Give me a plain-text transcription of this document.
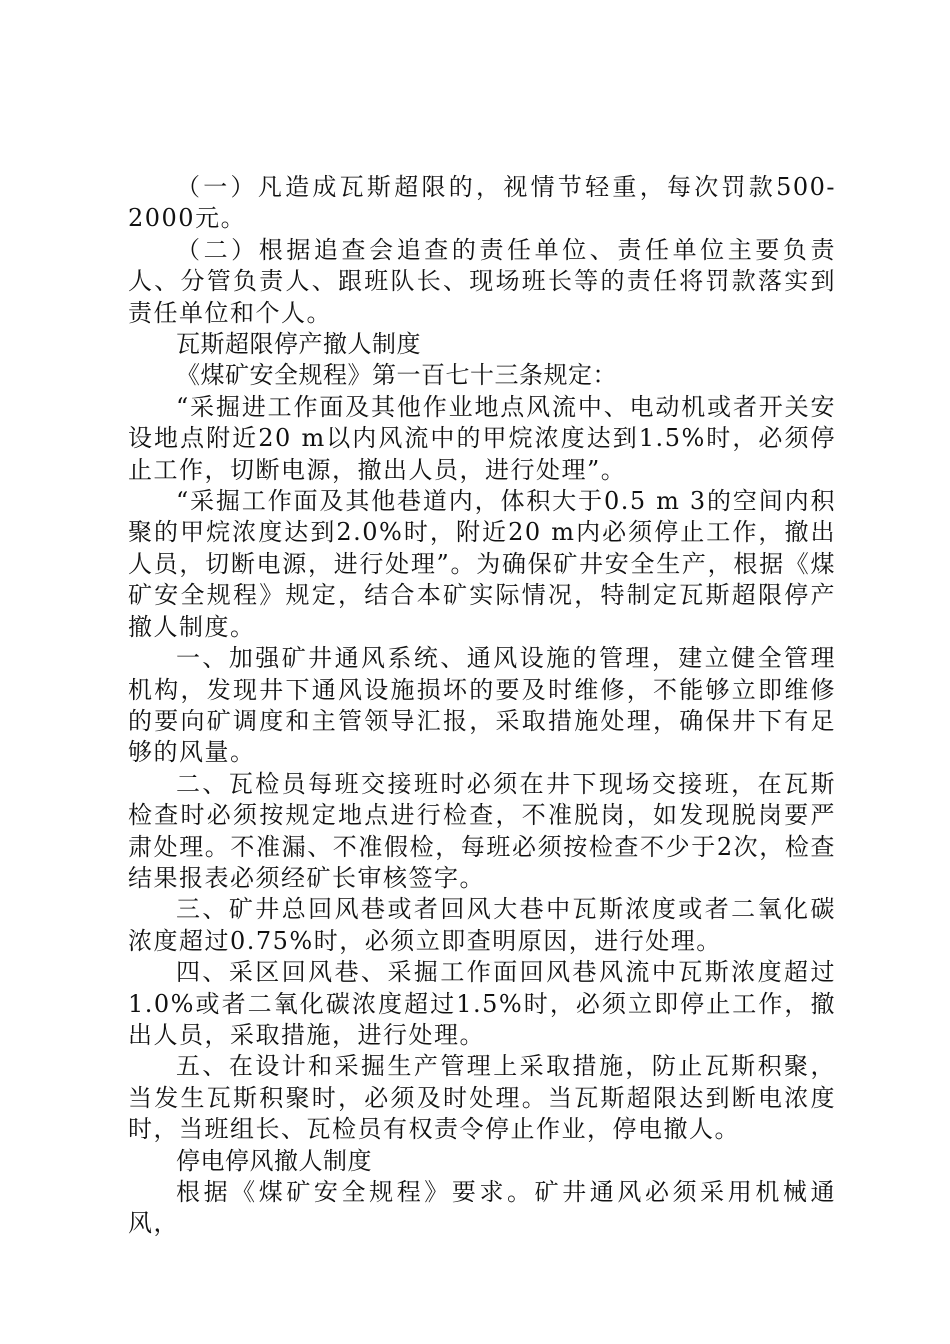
（一）凡造成瓦斯超限的，视情节轻重，每次罚款500-2000元。

（二）根据追查会追查的责任单位、责任单位主要负责人、分管负责人、跟班队长、现场班长等的责任将罚款落实到责任单位和个人。

瓦斯超限停产撤人制度

《煤矿安全规程》第一百七十三条规定：

“采掘进工作面及其他作业地点风流中、电动机或者开关安设地点附近20 m以内风流中的甲烷浓度达到1.5%时，必须停止工作，切断电源，撤出人员，进行处理”。

“采掘工作面及其他巷道内，体积大于0.5 m 3的空间内积聚的甲烷浓度达到2.0%时，附近20 m内必须停止工作，撤出人员，切断电源，进行处理”。为确保矿井安全生产，根据《煤矿安全规程》规定，结合本矿实际情况，特制定瓦斯超限停产撤人制度。

一、加强矿井通风系统、通风设施的管理，建立健全管理机构，发现井下通风设施损坏的要及时维修，不能够立即维修的要向矿调度和主管领导汇报，采取措施处理，确保井下有足够的风量。

二、瓦检员每班交接班时必须在井下现场交接班，在瓦斯检查时必须按规定地点进行检查，不准脱岗，如发现脱岗要严肃处理。不准漏、不准假检，每班必须按检查不少于2次，检查结果报表必须经矿长审核签字。

三、矿井总回风巷或者回风大巷中瓦斯浓度或者二氧化碳浓度超过0.75%时，必须立即查明原因，进行处理。

四、采区回风巷、采掘工作面回风巷风流中瓦斯浓度超过1.0%或者二氧化碳浓度超过1.5%时，必须立即停止工作，撤出人员，采取措施，进行处理。

五、在设计和采掘生产管理上采取措施，防止瓦斯积聚，当发生瓦斯积聚时，必须及时处理。当瓦斯超限达到断电浓度时，当班组长、瓦检员有权责令停止作业，停电撤人。

停电停风撤人制度

根据《煤矿安全规程》要求。矿井通风必须采用机械通风，
